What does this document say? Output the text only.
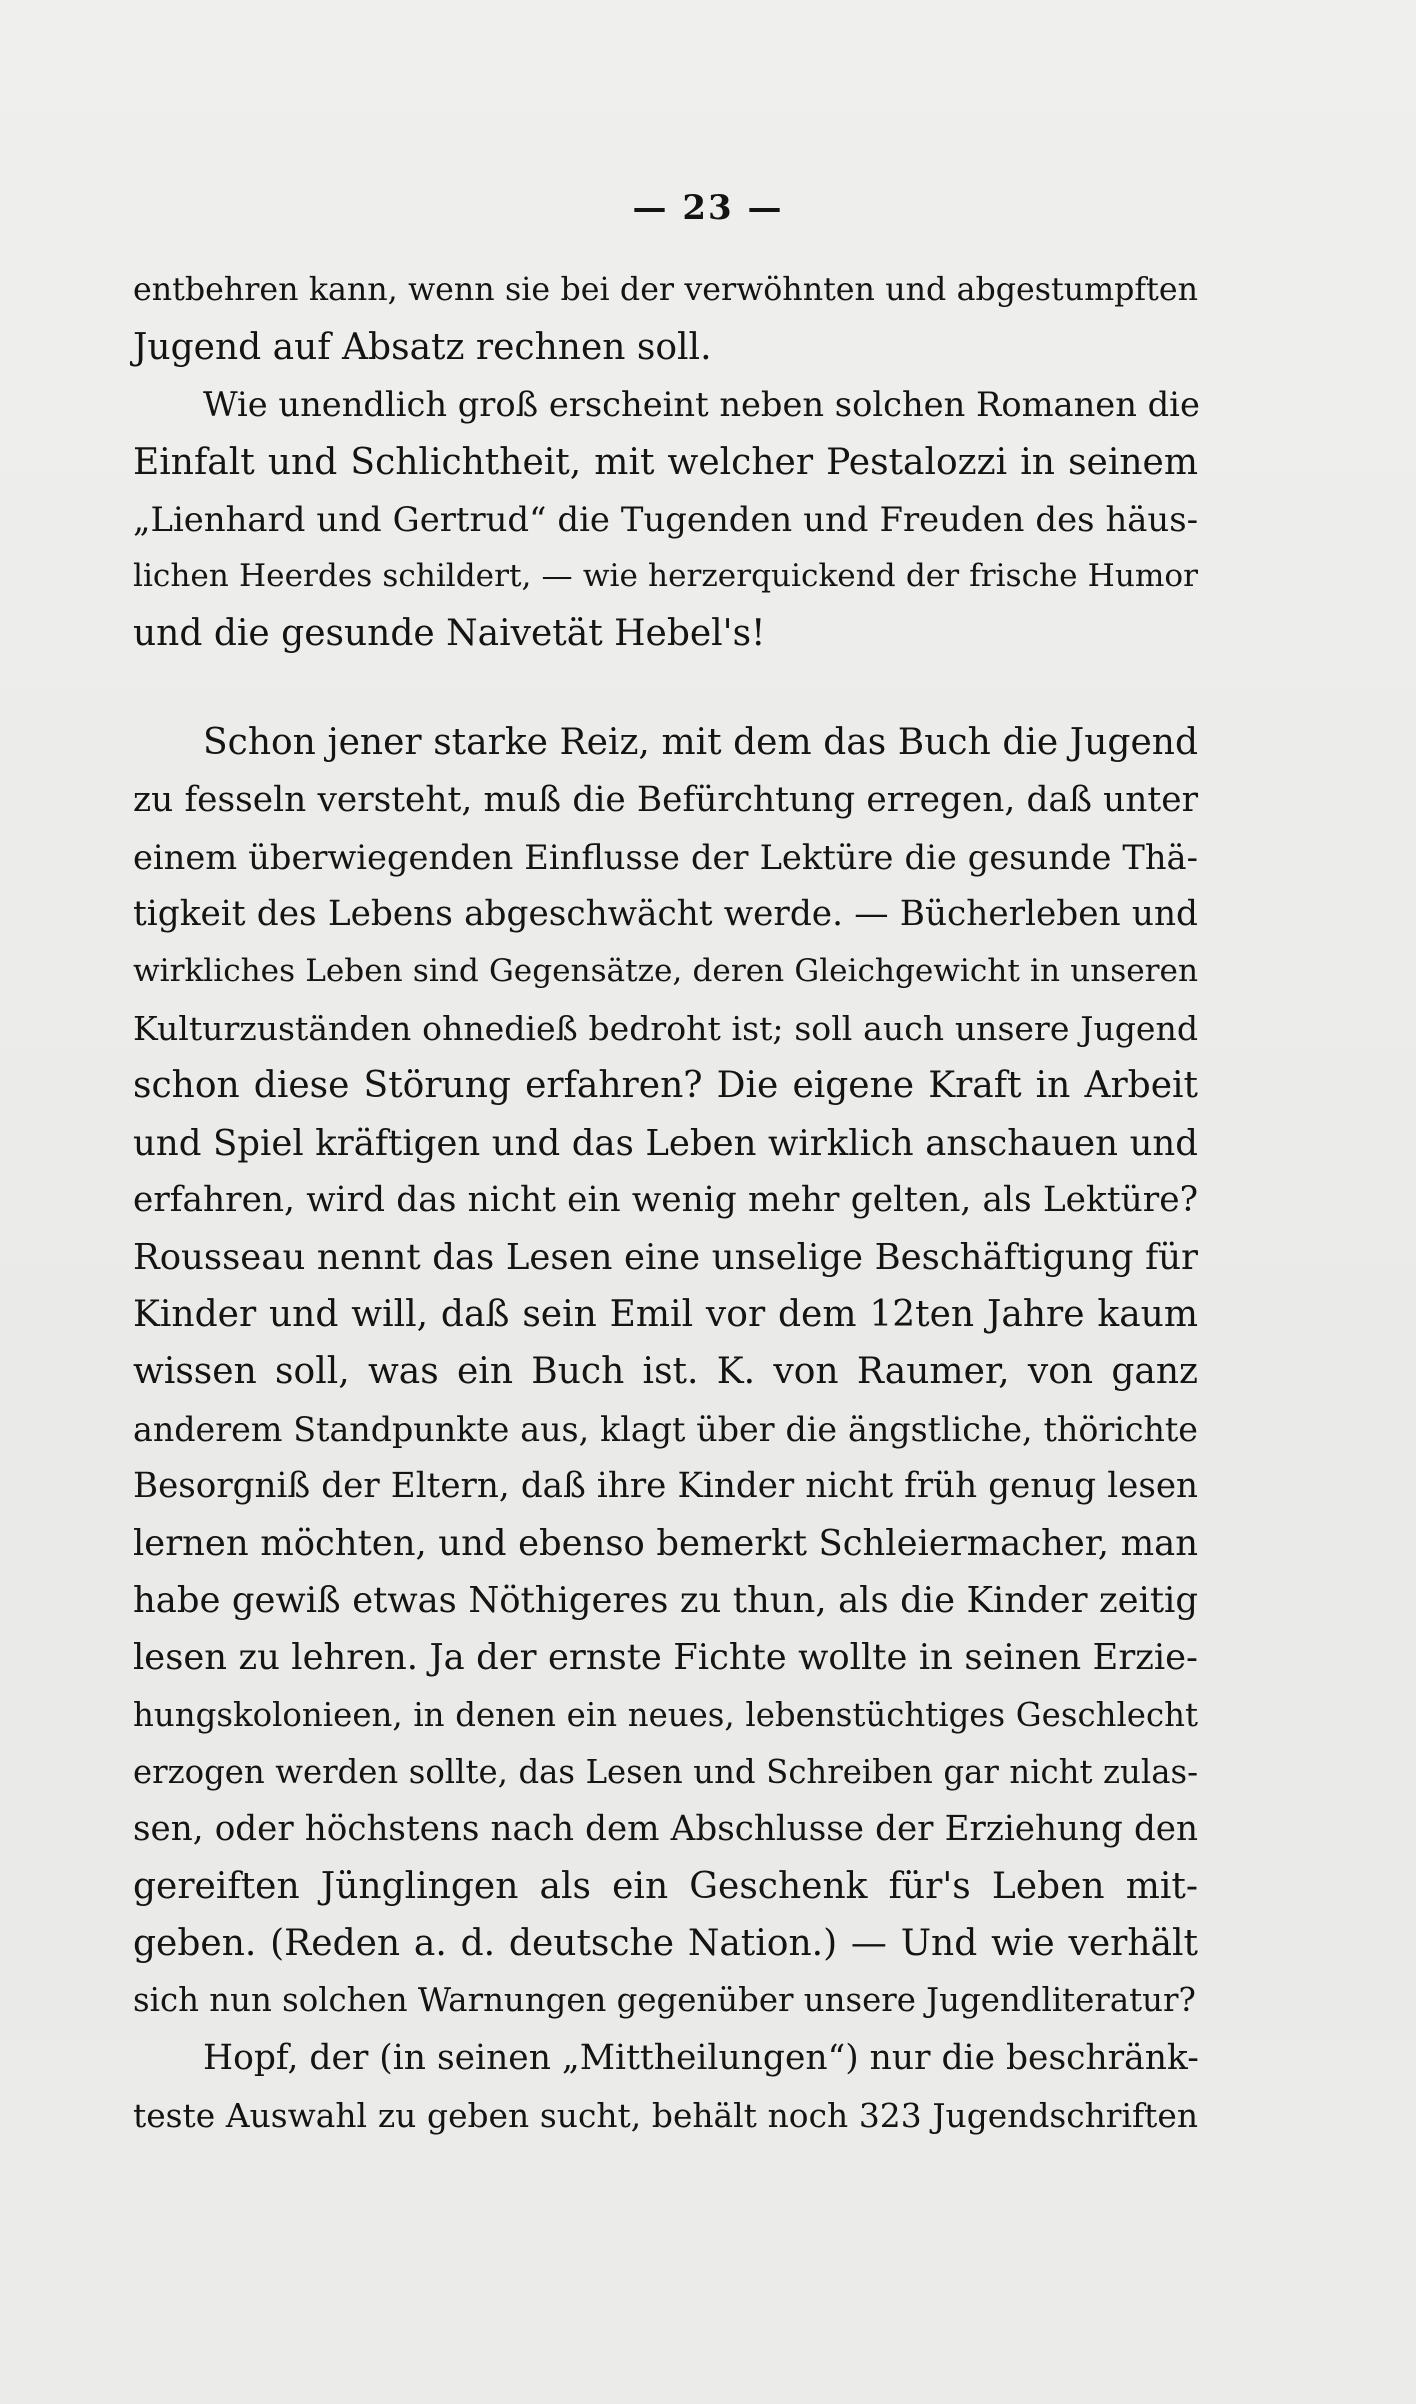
— 23 —
entbehren kann, wenn sie bei der verwöhnten und abgestumpften
Jugend auf Absatz rechnen soll.
Wie unendlich groß erscheint neben solchen Romanen die
Einfalt und Schlichtheit, mit welcher Pestalozzi in seinem
„Lienhard und Gertrud“ die Tugenden und Freuden des häus-
lichen Heerdes schildert, — wie herzerquickend der frische Humor
und die gesunde Naivetät Hebel's!
Schon jener starke Reiz, mit dem das Buch die Jugend
zu fesseln versteht, muß die Befürchtung erregen, daß unter
einem überwiegenden Einflusse der Lektüre die gesunde Thä-
tigkeit des Lebens abgeschwächt werde. — Bücherleben und
wirkliches Leben sind Gegensätze, deren Gleichgewicht in unseren
Kulturzuständen ohnedieß bedroht ist; soll auch unsere Jugend
schon diese Störung erfahren? Die eigene Kraft in Arbeit
und Spiel kräftigen und das Leben wirklich anschauen und
erfahren, wird das nicht ein wenig mehr gelten, als Lektüre?
Rousseau nennt das Lesen eine unselige Beschäftigung für
Kinder und will, daß sein Emil vor dem 12ten Jahre kaum
wissen soll, was ein Buch ist. K. von Raumer, von ganz
anderem Standpunkte aus, klagt über die ängstliche, thörichte
Besorgniß der Eltern, daß ihre Kinder nicht früh genug lesen
lernen möchten, und ebenso bemerkt Schleiermacher, man
habe gewiß etwas Nöthigeres zu thun, als die Kinder zeitig
lesen zu lehren. Ja der ernste Fichte wollte in seinen Erzie-
hungskolonieen, in denen ein neues, lebenstüchtiges Geschlecht
erzogen werden sollte, das Lesen und Schreiben gar nicht zulas-
sen, oder höchstens nach dem Abschlusse der Erziehung den
gereiften Jünglingen als ein Geschenk für's Leben mit-
geben. (Reden a. d. deutsche Nation.) — Und wie verhält
sich nun solchen Warnungen gegenüber unsere Jugendliteratur?
Hopf, der (in seinen „Mittheilungen“) nur die beschränk-
teste Auswahl zu geben sucht, behält noch 323 Jugendschriften
